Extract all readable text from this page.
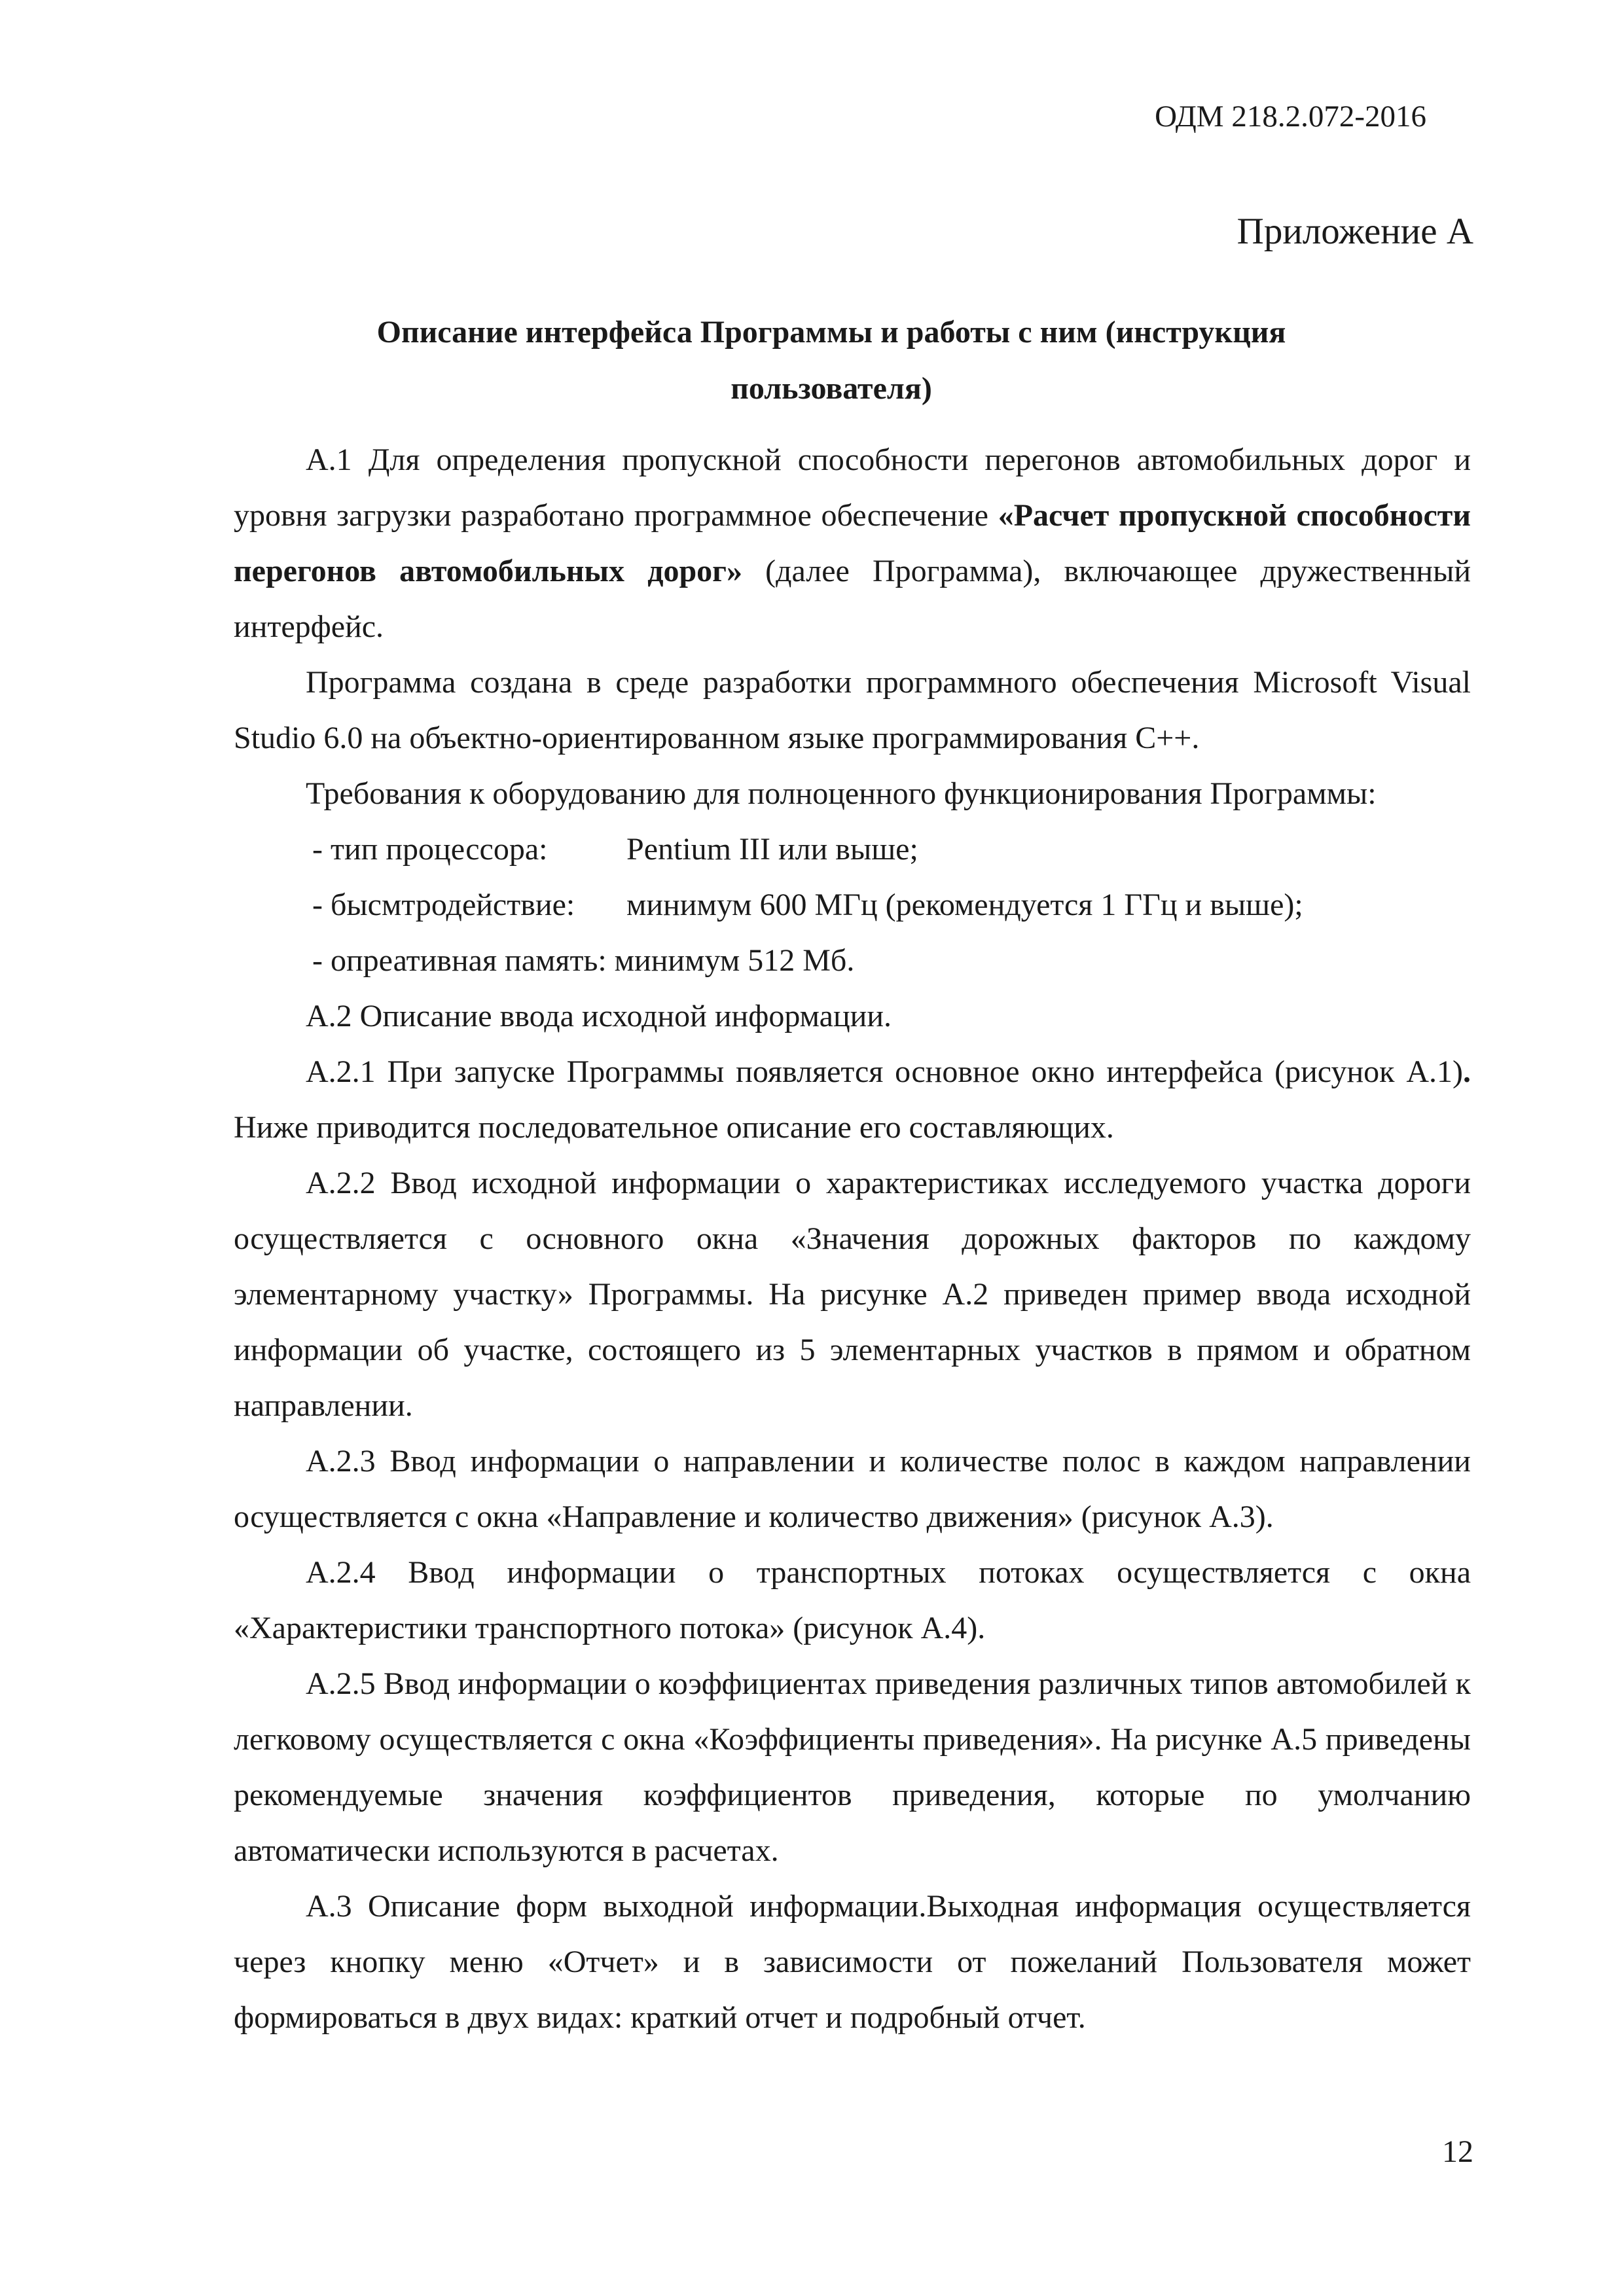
ОДМ 218.2.072-2016
Приложение А
Описание интерфейса Программы и работы с ним (инструкция
пользователя)

А.1 Для определения пропускной способности перегонов автомобильных дорог и уровня загрузки разработано программное обеспечение «Расчет пропускной способности перегонов автомобильных дорог» (далее Программа), включающее дружественный интерфейс.

Программа создана в среде разработки программного обеспечения Microsoft Visual Studio 6.0 на объектно-ориентированном языке программирования С++.

Требования к оборудованию для полноценного функционирования Программы:

- тип процессора:	Pentium III или выше;
- бысмтродействие: минимум 600 МГц (рекомендуется 1 ГГц и выше);
- опреативная память: минимум 512 Мб.

А.2 Описание ввода исходной информации.

А.2.1 При запуске Программы появляется основное окно интерфейса (рисунок А.1). Ниже приводится последовательное описание его составляющих.

А.2.2 Ввод исходной информации о характеристиках исследуемого участка дороги осуществляется с основного окна «Значения дорожных факторов по каждому элементарному участку» Программы. На рисунке А.2 приведен пример ввода исходной информации об участке, состоящего из 5 элементарных участков в прямом и обратном направлении.

А.2.3 Ввод информации о направлении и количестве полос в каждом направлении осуществляется с окна «Направление и количество движения» (рисунок А.3).

А.2.4 Ввод информации о транспортных потоках осуществляется с окна «Характеристики транспортного потока» (рисунок А.4).

А.2.5 Ввод информации о коэффициентах приведения различных типов автомобилей к легковому осуществляется с окна «Коэффициенты приведения». На рисунке А.5 приведены рекомендуемые значения коэффициентов приведения, которые по умолчанию автоматически используются в расчетах.

А.3 Описание форм выходной информации.Выходная информация осуществляется через кнопку меню «Отчет» и в зависимости от пожеланий Пользователя может формироваться в двух видах: краткий отчет и подробный отчет.

12
